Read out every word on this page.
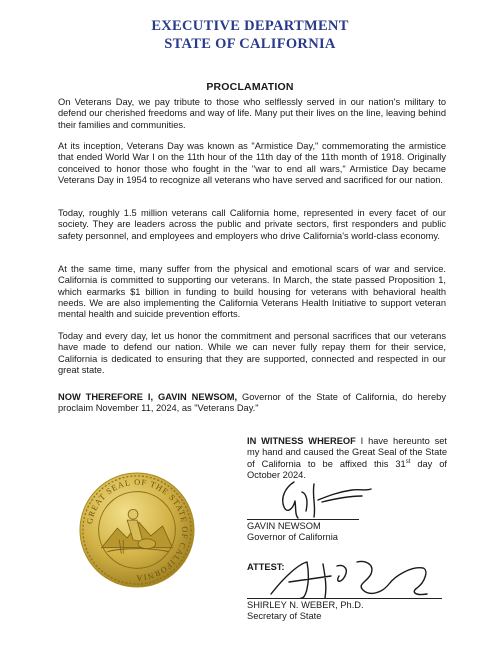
EXECUTIVE DEPARTMENT
STATE OF CALIFORNIA
PROCLAMATION
On Veterans Day, we pay tribute to those who selflessly served in our nation's military to defend our cherished freedoms and way of life. Many put their lives on the line, leaving behind their families and communities.
At its inception, Veterans Day was known as "Armistice Day," commemorating the armistice that ended World War I on the 11th hour of the 11th day of the 11th month of 1918. Originally conceived to honor those who fought in the "war to end all wars," Armistice Day became Veterans Day in 1954 to recognize all veterans who have served and sacrificed for our nation.
Today, roughly 1.5 million veterans call California home, represented in every facet of our society. They are leaders across the public and private sectors, first responders and public safety personnel, and employees and employers who drive California's world-class economy.
At the same time, many suffer from the physical and emotional scars of war and service. California is committed to supporting our veterans. In March, the state passed Proposition 1, which earmarks $1 billion in funding to build housing for veterans with behavioral health needs. We are also implementing the California Veterans Health Initiative to support veteran mental health and suicide prevention efforts.
Today and every day, let us honor the commitment and personal sacrifices that our veterans have made to defend our nation. While we can never fully repay them for their service, California is dedicated to ensuring that they are supported, connected and respected in our great state.
NOW THEREFORE I, GAVIN NEWSOM, Governor of the State of California, do hereby proclaim November 11, 2024, as "Veterans Day."
IN WITNESS WHEREOF I have hereunto set my hand and caused the Great Seal of the State of California to be affixed this 31st day of October 2024.
GAVIN NEWSOM
Governor of California
ATTEST:
SHIRLEY N. WEBER, Ph.D.
Secretary of State
GREAT SEAL OF THE STATE OF CALIFORNIA
